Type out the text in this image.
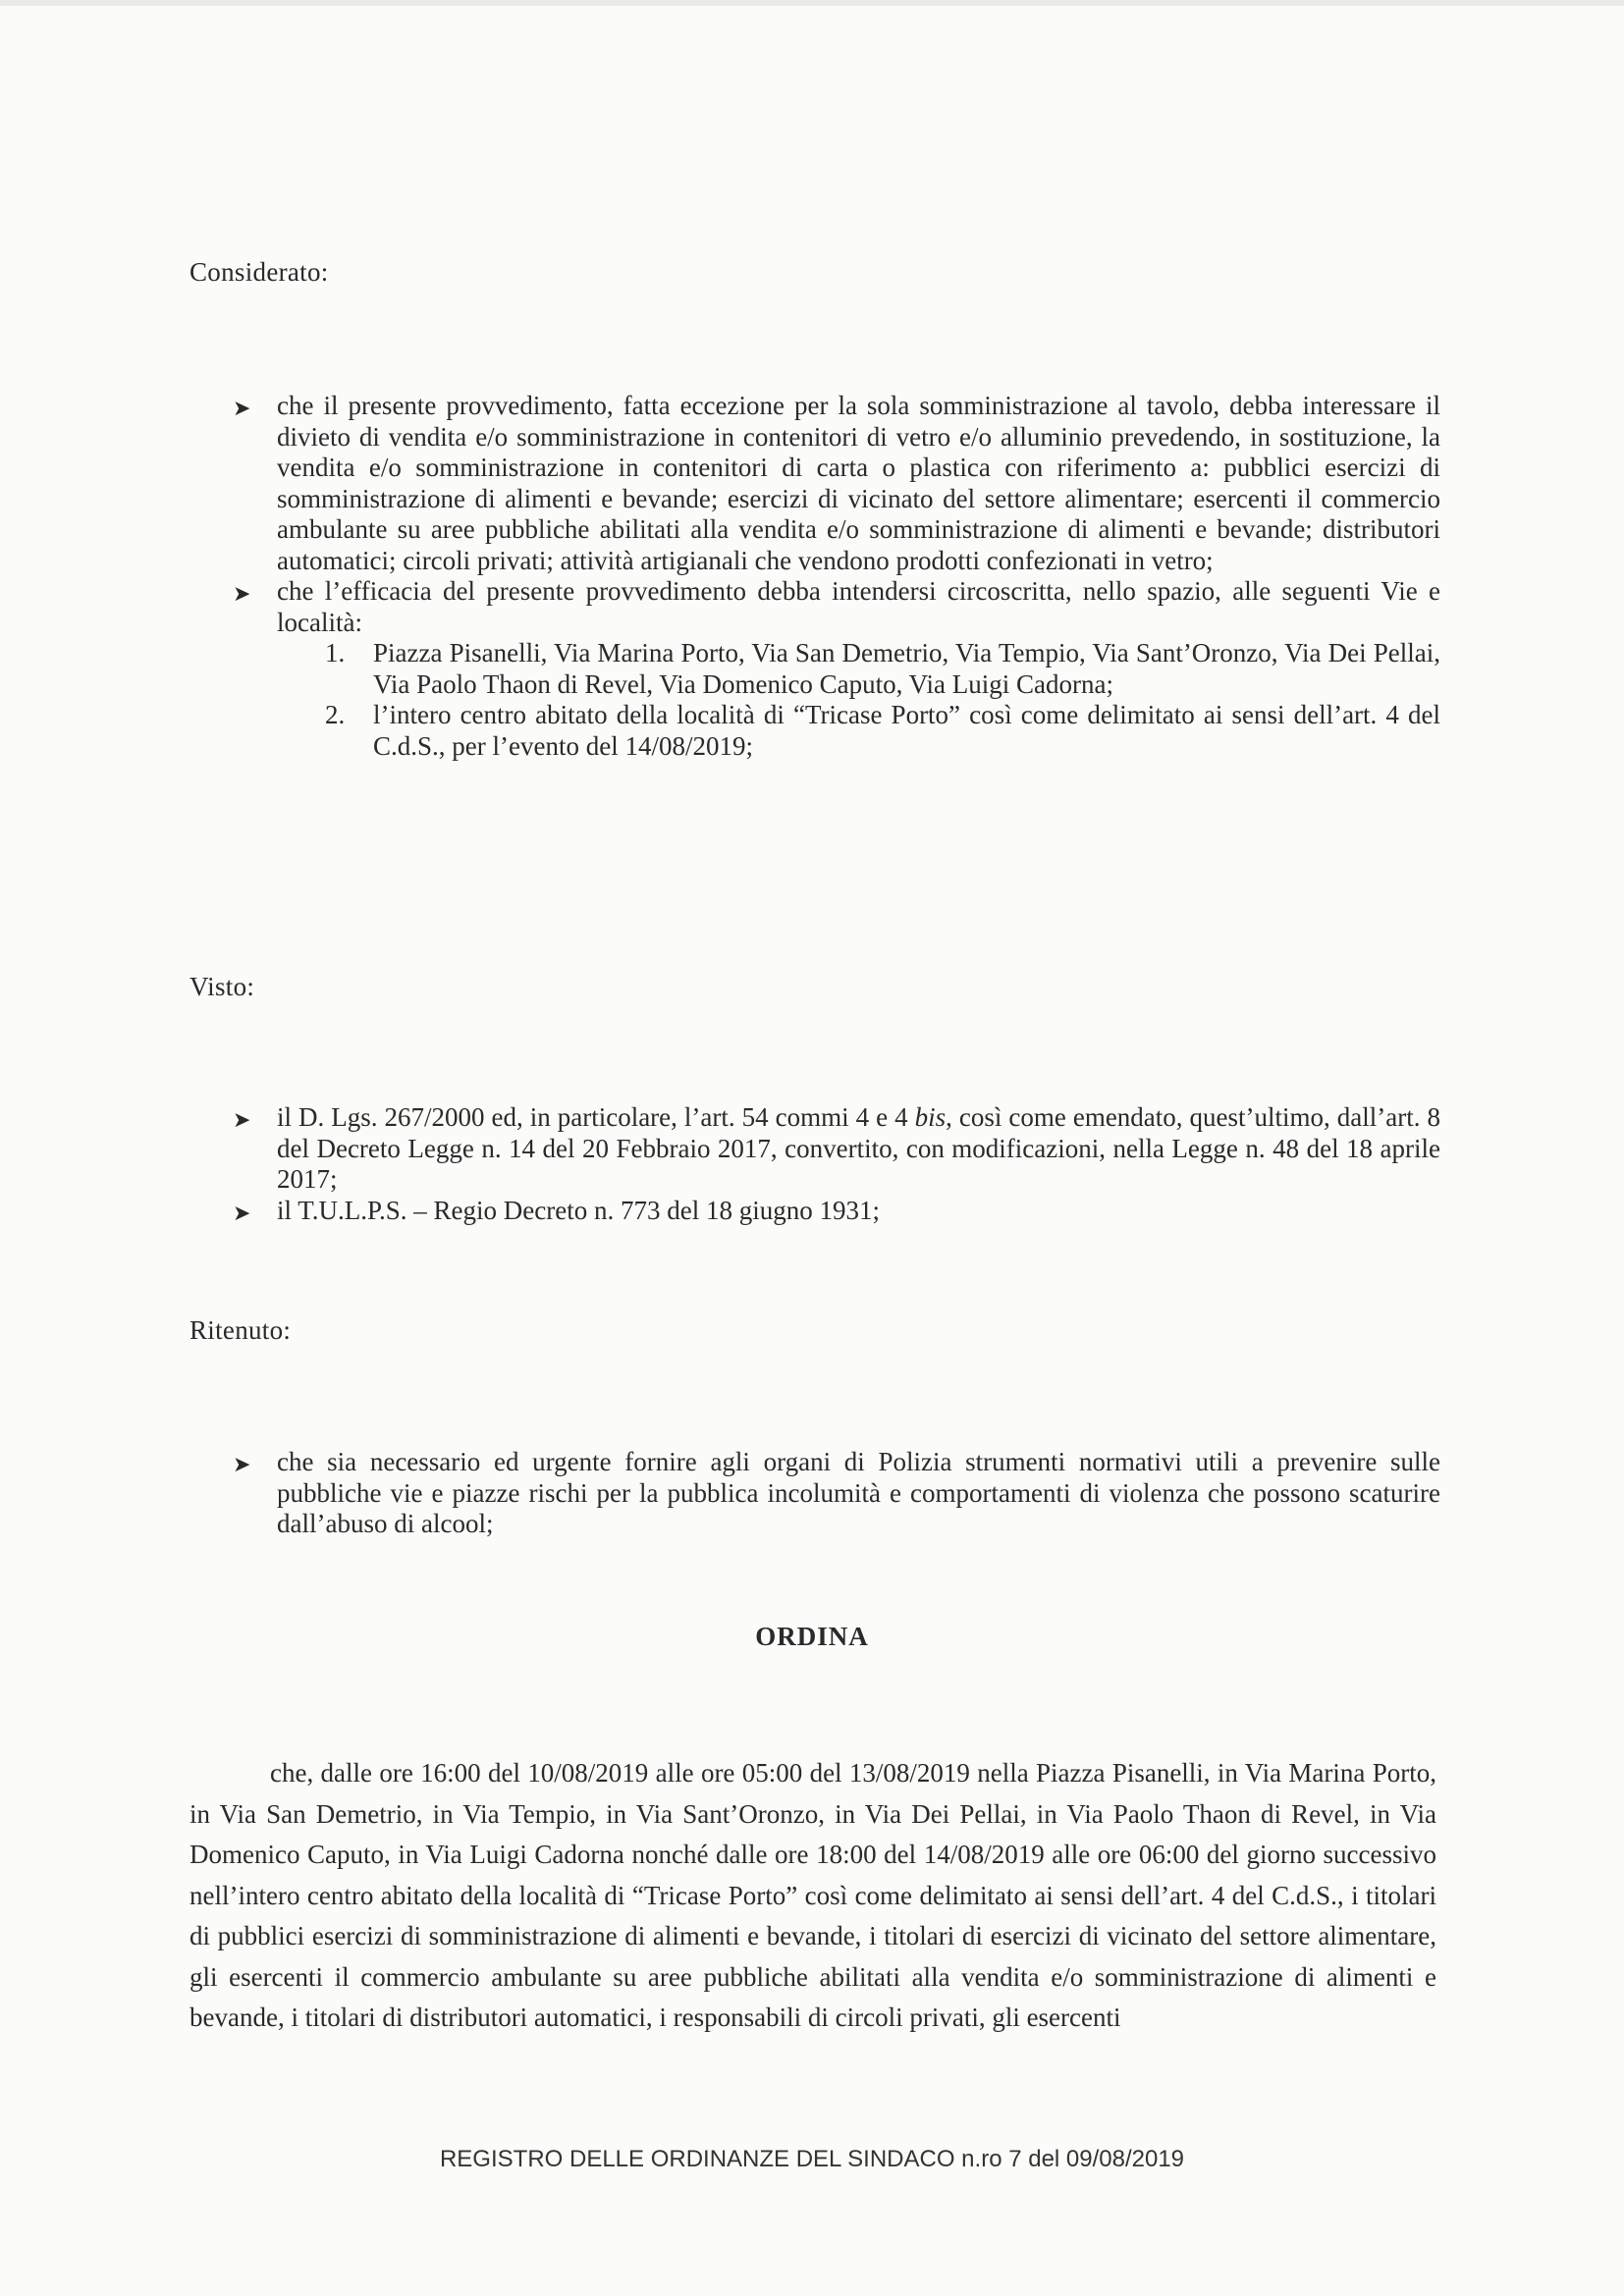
Considerato:
➤ che il presente provvedimento, fatta eccezione per la sola somministrazione al tavolo, debba interessare il divieto di vendita e/o somministrazione in contenitori di vetro e/o alluminio prevedendo, in sostituzione, la vendita e/o somministrazione in contenitori di carta o plastica con riferimento a: pubblici esercizi di somministrazione di alimenti e bevande; esercizi di vicinato del settore alimentare; esercenti il commercio ambulante su aree pubbliche abilitati alla vendita e/o somministrazione di alimenti e bevande; distributori automatici; circoli privati; attività artigianali che vendono prodotti confezionati in vetro;
➤ che l’efficacia del presente provvedimento debba intendersi circoscritta, nello spazio, alle seguenti Vie e località:
1. Piazza Pisanelli, Via Marina Porto, Via San Demetrio, Via Tempio, Via Sant’Oronzo, Via Dei Pellai, Via Paolo Thaon di Revel, Via Domenico Caputo, Via Luigi Cadorna;
2. l’intero centro abitato della località di “Tricase Porto” così come delimitato ai sensi dell’art. 4 del C.d.S., per l’evento del 14/08/2019;
Visto:
➤ il D. Lgs. 267/2000 ed, in particolare, l’art. 54 commi 4 e 4 bis, così come emendato, quest’ultimo, dall’art. 8 del Decreto Legge n. 14 del 20 Febbraio 2017, convertito, con modificazioni, nella Legge n. 48 del 18 aprile 2017;
➤ il T.U.L.P.S. – Regio Decreto n. 773 del 18 giugno 1931;
Ritenuto:
➤ che sia necessario ed urgente fornire agli organi di Polizia strumenti normativi utili a prevenire sulle pubbliche vie e piazze rischi per la pubblica incolumità e comportamenti di violenza che possono scaturire dall’abuso di alcool;
ORDINA

che, dalle ore 16:00 del 10/08/2019 alle ore 05:00 del 13/08/2019 nella Piazza Pisanelli, in Via Marina Porto, in Via San Demetrio, in Via Tempio, in Via Sant’Oronzo, in Via Dei Pellai, in Via Paolo Thaon di Revel, in Via Domenico Caputo, in Via Luigi Cadorna nonché dalle ore 18:00 del 14/08/2019 alle ore 06:00 del giorno successivo nell’intero centro abitato della località di “Tricase Porto” così come delimitato ai sensi dell’art. 4 del C.d.S., i titolari di pubblici esercizi di somministrazione di alimenti e bevande, i titolari di esercizi di vicinato del settore alimentare, gli esercenti il commercio ambulante su aree pubbliche abilitati alla vendita e/o somministrazione di alimenti e bevande, i titolari di distributori automatici, i responsabili di circoli privati, gli esercenti

REGISTRO DELLE ORDINANZE DEL SINDACO n.ro 7 del 09/08/2019
